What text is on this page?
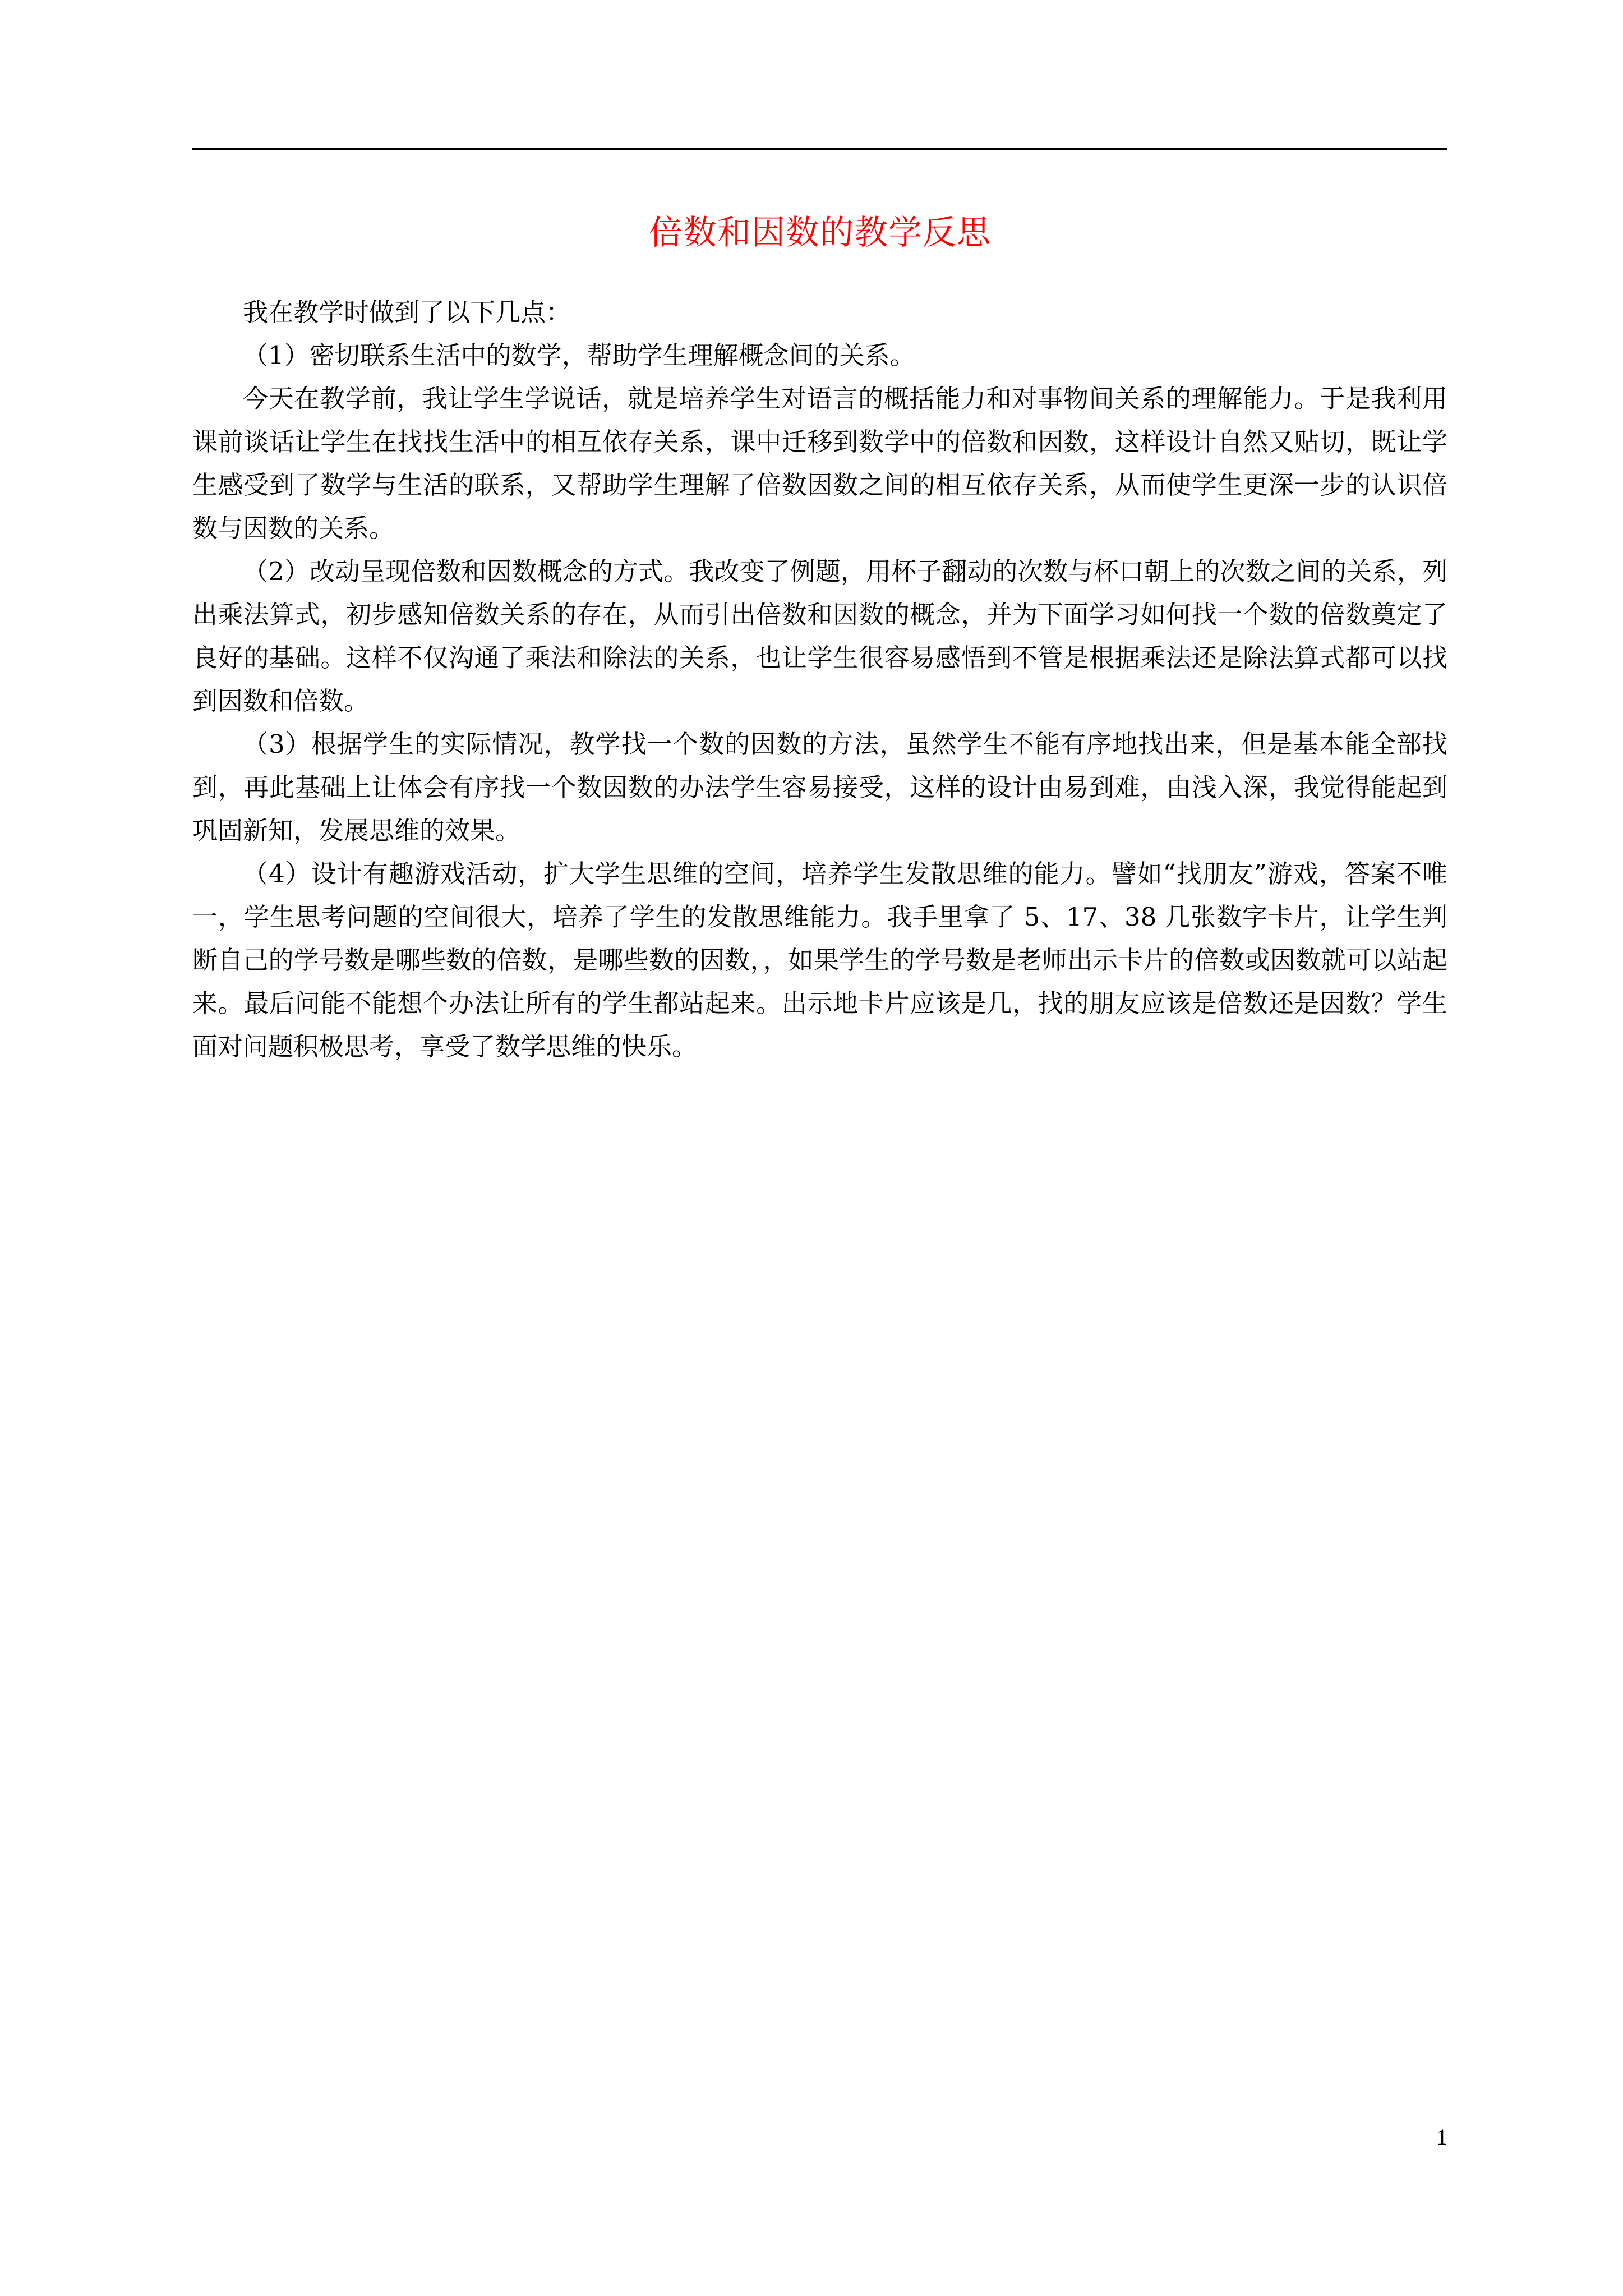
倍数和因数的教学反思

我在教学时做到了以下几点：

（1）密切联系生活中的数学，帮助学生理解概念间的关系。

今天在教学前，我让学生学说话，就是培养学生对语言的概括能力和对事物间关系的理解能力。于是我利用课前谈话让学生在找找生活中的相互依存关系，课中迁移到数学中的倍数和因数，这样设计自然又贴切，既让学生感受到了数学与生活的联系，又帮助学生理解了倍数因数之间的相互依存关系，从而使学生更深一步的认识倍数与因数的关系。

（2）改动呈现倍数和因数概念的方式。我改变了例题，用杯子翻动的次数与杯口朝上的次数之间的关系，列出乘法算式，初步感知倍数关系的存在，从而引出倍数和因数的概念，并为下面学习如何找一个数的倍数奠定了良好的基础。这样不仅沟通了乘法和除法的关系，也让学生很容易感悟到不管是根据乘法还是除法算式都可以找到因数和倍数。

（3）根据学生的实际情况，教学找一个数的因数的方法，虽然学生不能有序地找出来，但是基本能全部找到，再此基础上让体会有序找一个数因数的办法学生容易接受，这样的设计由易到难，由浅入深，我觉得能起到巩固新知，发展思维的效果。

（4）设计有趣游戏活动，扩大学生思维的空间，培养学生发散思维的能力。譬如“找朋友”游戏，答案不唯一，学生思考问题的空间很大，培养了学生的发散思维能力。我手里拿了 5、17、38 几张数字卡片，让学生判断自己的学号数是哪些数的倍数，是哪些数的因数，，如果学生的学号数是老师出示卡片的倍数或因数就可以站起来。最后问能不能想个办法让所有的学生都站起来。出示地卡片应该是几，找的朋友应该是倍数还是因数？学生面对问题积极思考，享受了数学思维的快乐。

1
